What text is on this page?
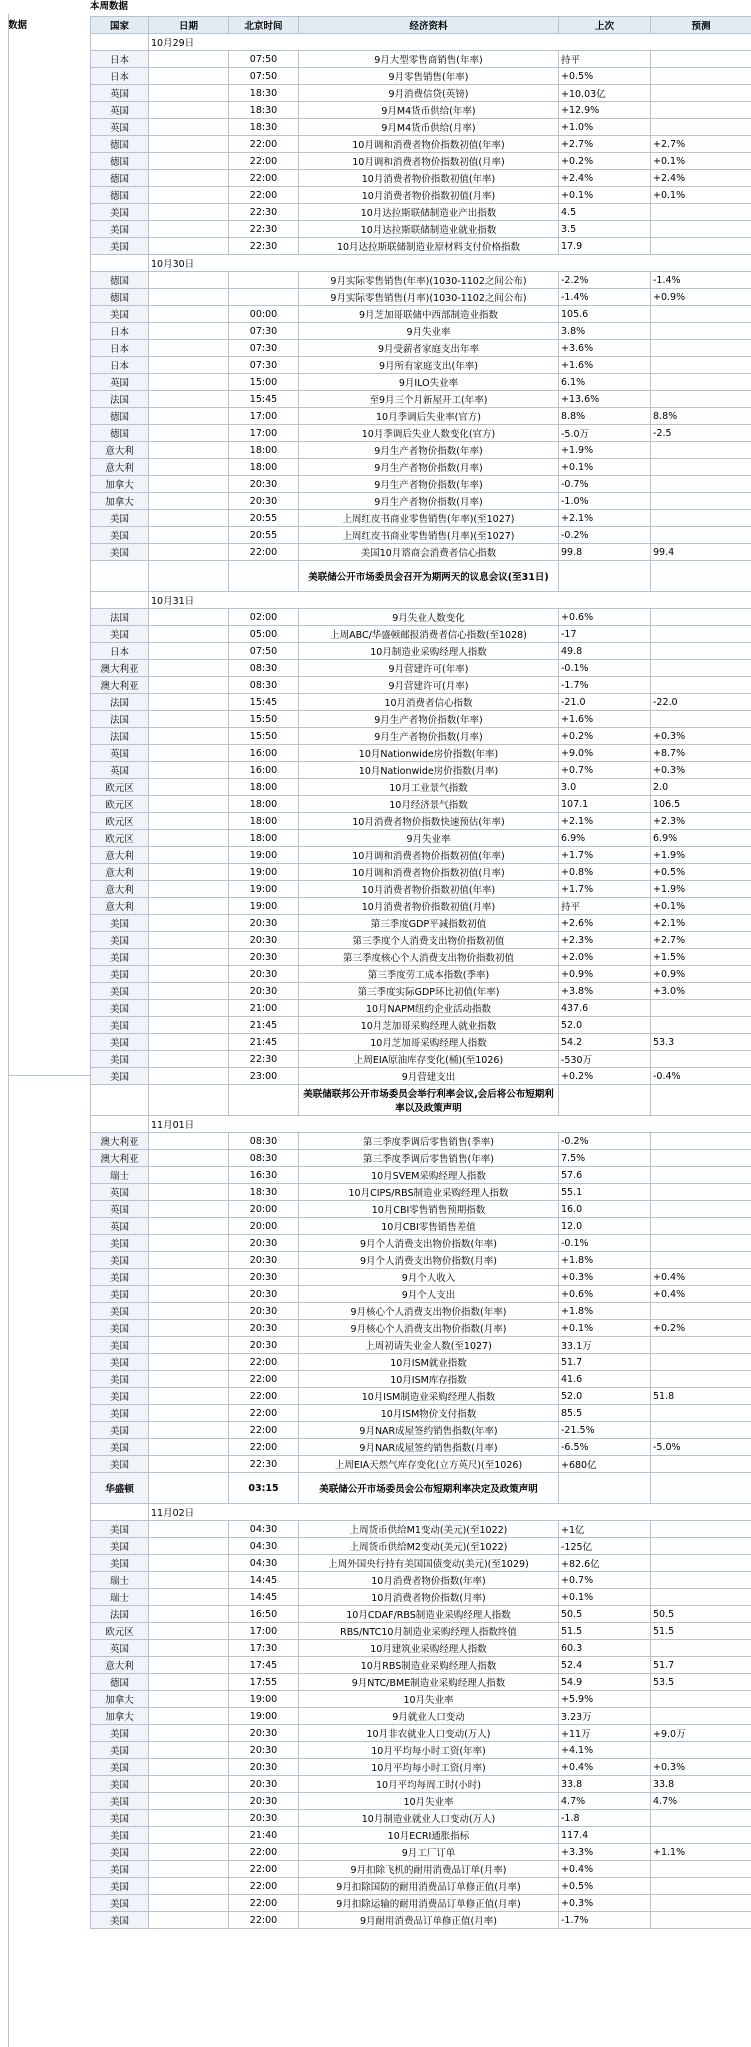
本周数据
数据	国家	日期	北京时间	经济资料	上次	预测
	10月29日				
日本		07:50	9月大型零售商销售(年率)	持平	
日本		07:50	9月零售销售(年率)	+0.5%	
英国		18:30	9月消费信贷(英镑)	+10.03亿	
英国		18:30	9月M4货币供给(年率)	+12.9%	
英国		18:30	9月M4货币供给(月率)	+1.0%	
德国		22:00	10月调和消费者物价指数初值(年率)	+2.7%	+2.7%
德国		22:00	10月调和消费者物价指数初值(月率)	+0.2%	+0.1%
德国		22:00	10月消费者物价指数初值(年率)	+2.4%	+2.4%
德国		22:00	10月消费者物价指数初值(月率)	+0.1%	+0.1%
美国		22:30	10月达拉斯联储制造业产出指数	4.5	
美国		22:30	10月达拉斯联储制造业就业指数	3.5	
美国		22:30	10月达拉斯联储制造业原材料支付价格指数	17.9	
	10月30日				
德国			9月实际零售销售(年率)(1030-1102之间公布)	-2.2%	-1.4%
德国			9月实际零售销售(月率)(1030-1102之间公布)	-1.4%	+0.9%
美国		00:00	9月芝加哥联储中西部制造业指数	105.6	
日本		07:30	9月失业率	3.8%	
日本		07:30	9月受薪者家庭支出年率	+3.6%	
日本		07:30	9月所有家庭支出(年率)	+1.6%	
英国		15:00	9月ILO失业率	6.1%	
法国		15:45	至9月三个月新屋开工(年率)	+13.6%	
德国		17:00	10月季调后失业率(官方)	8.8%	8.8%
德国		17:00	10月季调后失业人数变化(官方)	-5.0万	-2.5
意大利		18:00	9月生产者物价指数(年率)	+1.9%	
意大利		18:00	9月生产者物价指数(月率)	+0.1%	
加拿大		20:30	9月生产者物价指数(年率)	-0.7%	
加拿大		20:30	9月生产者物价指数(月率)	-1.0%	
美国		20:55	上周红皮书商业零售销售(年率)(至1027)	+2.1%	
美国		20:55	上周红皮书商业零售销售(月率)(至1027)	-0.2%	
美国		22:00	美国10月谘商会消费者信心指数	99.8	99.4
			美联储公开市场委员会召开为期两天的议息会议(至31日)		
	10月31日				
法国		02:00	9月失业人数变化	+0.6%	
美国		05:00	上周ABC/华盛顿邮报消费者信心指数(至1028)	-17	
日本		07:50	10月制造业采购经理人指数	49.8	
澳大利亚		08:30	9月营建许可(年率)	-0.1%	
澳大利亚		08:30	9月营建许可(月率)	-1.7%	
法国		15:45	10月消费者信心指数	-21.0	-22.0
法国		15:50	9月生产者物价指数(年率)	+1.6%	
法国		15:50	9月生产者物价指数(月率)	+0.2%	+0.3%
英国		16:00	10月Nationwide房价指数(年率)	+9.0%	+8.7%
英国		16:00	10月Nationwide房价指数(月率)	+0.7%	+0.3%
欧元区		18:00	10月工业景气指数	3.0	2.0
欧元区		18:00	10月经济景气指数	107.1	106.5
欧元区		18:00	10月消费者物价指数快速预估(年率)	+2.1%	+2.3%
欧元区		18:00	9月失业率	6.9%	6.9%
意大利		19:00	10月调和消费者物价指数初值(年率)	+1.7%	+1.9%
意大利		19:00	10月调和消费者物价指数初值(月率)	+0.8%	+0.5%
意大利		19:00	10月消费者物价指数初值(年率)	+1.7%	+1.9%
意大利		19:00	10月消费者物价指数初值(月率)	持平	+0.1%
美国		20:30	第三季度GDP平减指数初值	+2.6%	+2.1%
美国		20:30	第三季度个人消费支出物价指数初值	+2.3%	+2.7%
美国		20:30	第三季度核心个人消费支出物价指数初值	+2.0%	+1.5%
美国		20:30	第三季度劳工成本指数(季率)	+0.9%	+0.9%
美国		20:30	第三季度实际GDP环比初值(年率)	+3.8%	+3.0%
美国		21:00	10月NAPM纽约企业活动指数	437.6	
美国		21:45	10月芝加哥采购经理人就业指数	52.0	
美国		21:45	10月芝加哥采购经理人指数	54.2	53.3
美国		22:30	上周EIA原油库存变化(桶)(至1026)	-530万	
美国		23:00	9月营建支出	+0.2%	-0.4%
			美联储联邦公开市场委员会举行利率会议,会后将公布短期利率以及政策声明		
	11月01日				
澳大利亚		08:30	第三季度季调后零售销售(季率)	-0.2%	
澳大利亚		08:30	第三季度季调后零售销售(年率)	7.5%	
瑞士		16:30	10月SVEM采购经理人指数	57.6	
英国		18:30	10月CIPS/RBS制造业采购经理人指数	55.1	
英国		20:00	10月CBI零售销售预期指数	16.0	
英国		20:00	10月CBI零售销售差值	12.0	
美国		20:30	9月个人消费支出物价指数(年率)	-0.1%	
美国		20:30	9月个人消费支出物价指数(月率)	+1.8%	
美国		20:30	9月个人收入	+0.3%	+0.4%
美国		20:30	9月个人支出	+0.6%	+0.4%
美国		20:30	9月核心个人消费支出物价指数(年率)	+1.8%	
美国		20:30	9月核心个人消费支出物价指数(月率)	+0.1%	+0.2%
美国		20:30	上周初请失业金人数(至1027)	33.1万	
美国		22:00	10月ISM就业指数	51.7	
美国		22:00	10月ISM库存指数	41.6	
美国		22:00	10月ISM制造业采购经理人指数	52.0	51.8
美国		22:00	10月ISM物价支付指数	85.5	
美国		22:00	9月NAR成屋签约销售指数(年率)	-21.5%	
美国		22:00	9月NAR成屋签约销售指数(月率)	-6.5%	-5.0%
美国		22:30	上周EIA天然气库存变化(立方英尺)(至1026)	+680亿	
华盛顿		03:15	美联储公开市场委员会公布短期利率决定及政策声明		
	11月02日				
美国		04:30	上周货币供给M1变动(美元)(至1022)	+1亿	
美国		04:30	上周货币供给M2变动(美元)(至1022)	-125亿	
美国		04:30	上周外国央行持有美国国债变动(美元)(至1029)	+82.6亿	
瑞士		14:45	10月消费者物价指数(年率)	+0.7%	
瑞士		14:45	10月消费者物价指数(月率)	+0.1%	
法国		16:50	10月CDAF/RBS制造业采购经理人指数	50.5	50.5
欧元区		17:00	RBS/NTC10月制造业采购经理人指数终值	51.5	51.5
英国		17:30	10月建筑业采购经理人指数	60.3	
意大利		17:45	10月RBS制造业采购经理人指数	52.4	51.7
德国		17:55	9月NTC/BME制造业采购经理人指数	54.9	53.5
加拿大		19:00	10月失业率	+5.9%	
加拿大		19:00	9月就业人口变动	3.23万	
美国		20:30	10月非农就业人口变动(万人)	+11万	+9.0万
美国		20:30	10月平均每小时工资(年率)	+4.1%	
美国		20:30	10月平均每小时工资(月率)	+0.4%	+0.3%
美国		20:30	10月平均每周工时(小时)	33.8	33.8
美国		20:30	10月失业率	4.7%	4.7%
美国		20:30	10月制造业就业人口变动(万人)	-1.8	
美国		21:40	10月ECRI通胀指标	117.4	
美国		22:00	9月工厂订单	+3.3%	+1.1%
美国		22:00	9月扣除飞机的耐用消费品订单(月率)	+0.4%	
美国		22:00	9月扣除国防的耐用消费品订单修正值(月率)	+0.5%	
美国		22:00	9月扣除运输的耐用消费品订单修正值(月率)	+0.3%	
美国		22:00	9月耐用消费品订单修正值(月率)	-1.7%	
